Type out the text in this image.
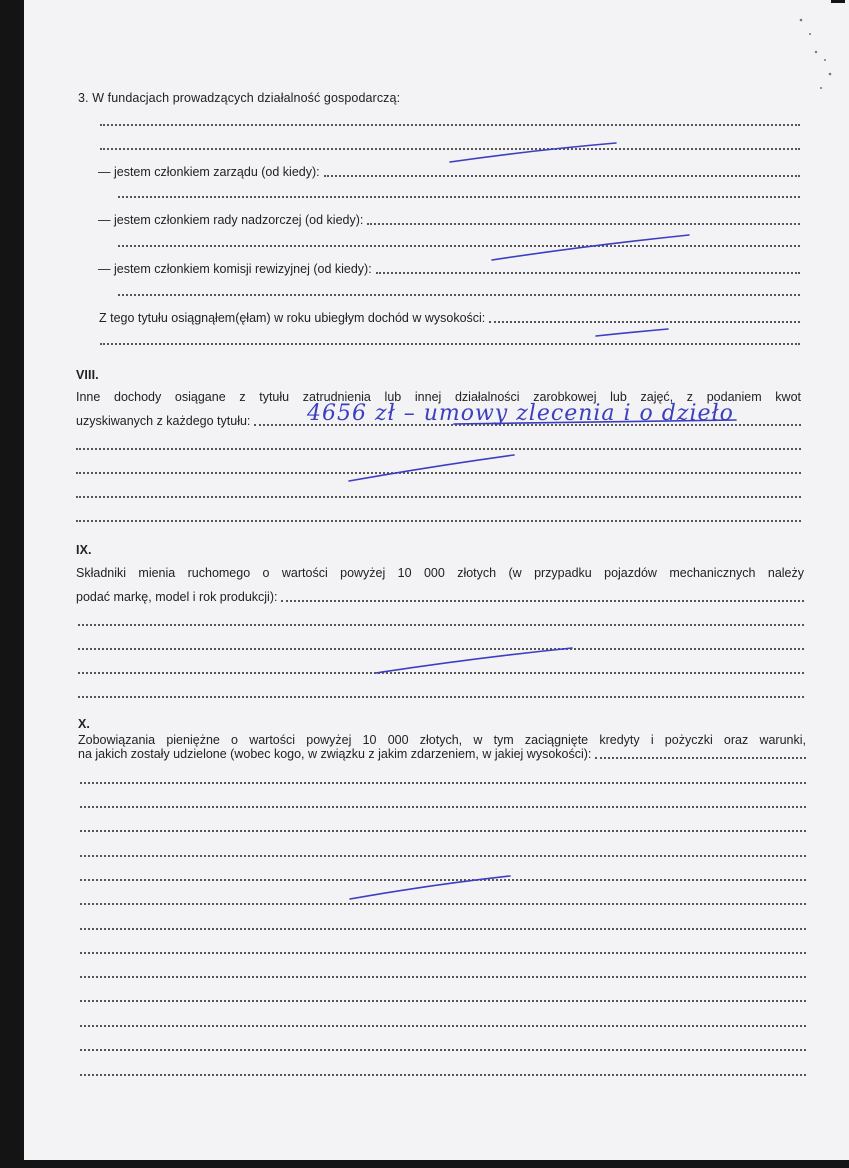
3. W fundacjach prowadzących działalność gospodarczą:
— jestem członkiem zarządu (od kiedy):
— jestem członkiem rady nadzorczej (od kiedy):
— jestem członkiem komisji rewizyjnej (od kiedy):
Z tego tytułu osiągnąłem(ęłam) w roku ubiegłym dochód w wysokości:
VIII.
Inne dochody osiągane z tytułu zatrudnienia lub innej działalności zarobkowej lub zajęć, z podaniem kwot
uzyskiwanych z każdego tytułu:	4656 zł – umowy zlecenia i o dzieło
IX.
Składniki mienia ruchomego o wartości powyżej 10 000 złotych (w przypadku pojazdów mechanicznych należy
podać markę, model i rok produkcji):
X.
Zobowiązania pieniężne o wartości powyżej 10 000 złotych, w tym zaciągnięte kredyty i pożyczki oraz warunki,
na jakich zostały udzielone (wobec kogo, w związku z jakim zdarzeniem, w jakiej wysokości):
